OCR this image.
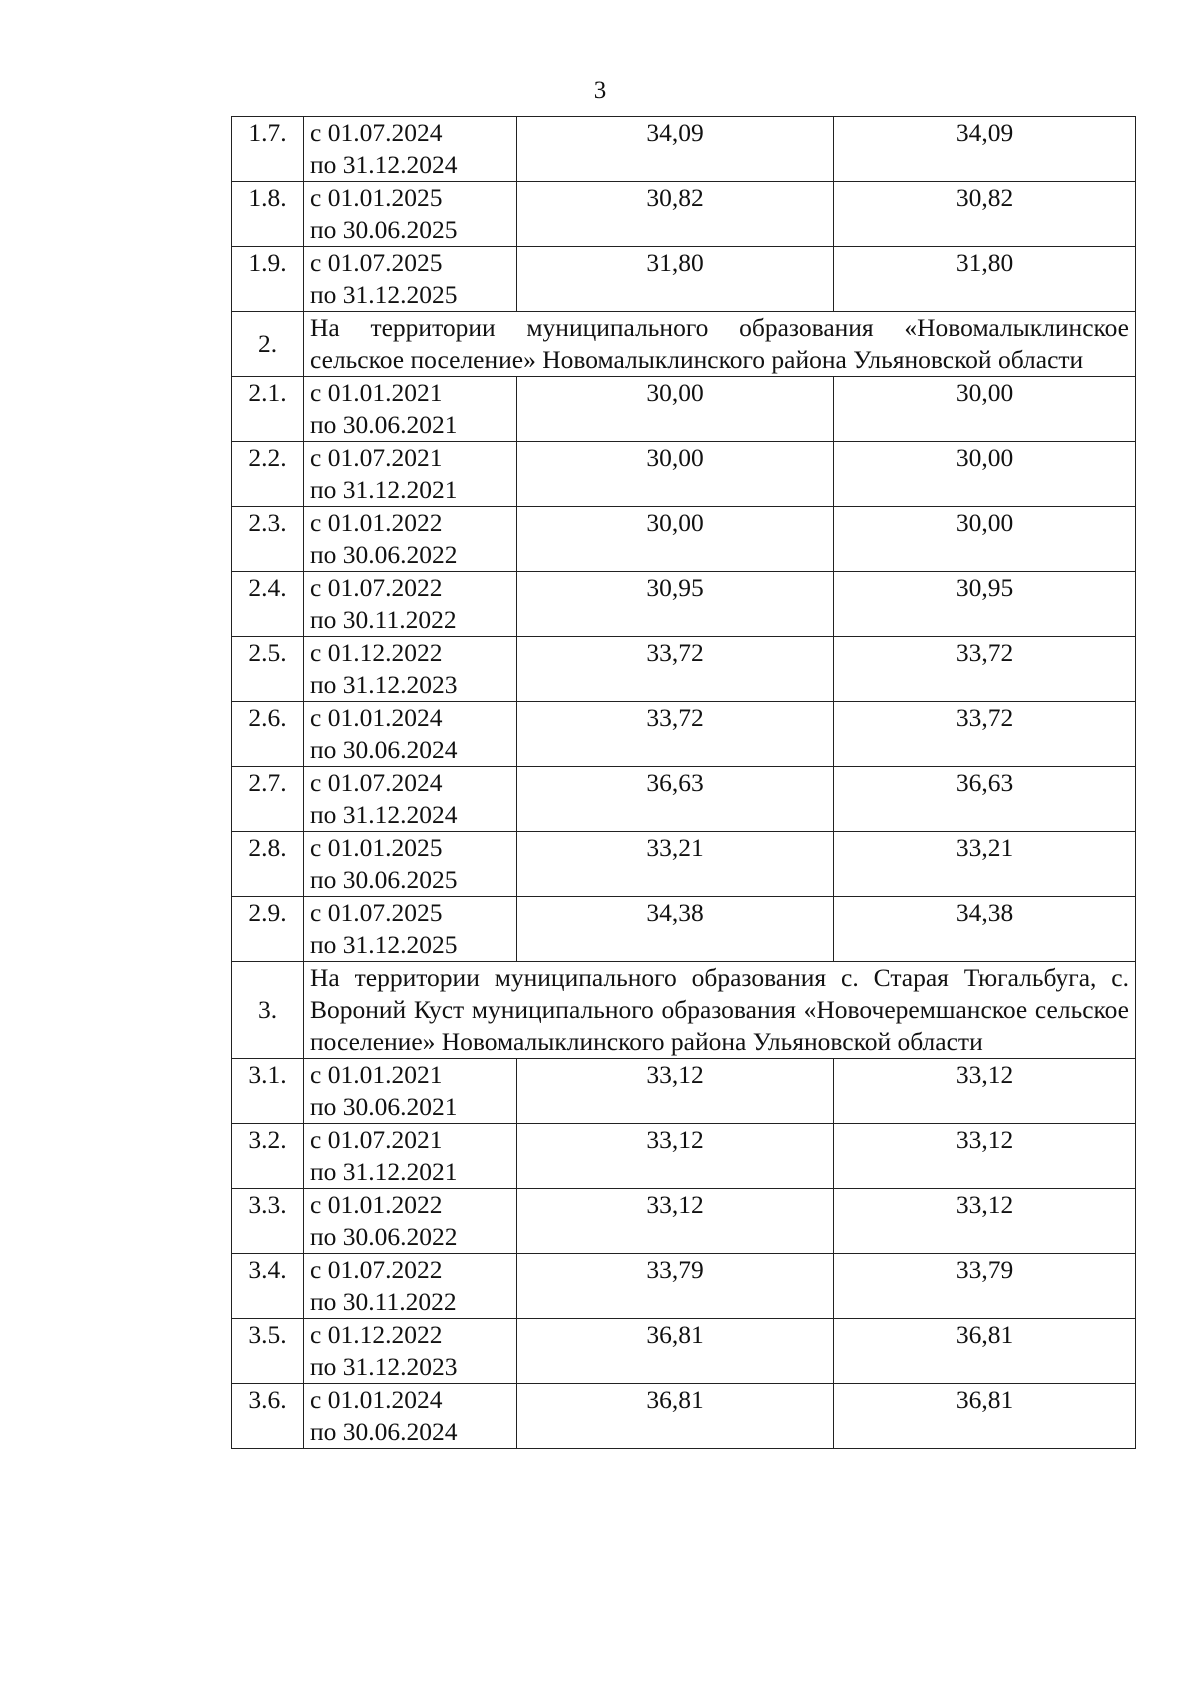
3
1.7.	с 01.07.2024
по 31.12.2024	34,09	34,09
1.8.	с 01.01.2025
по 30.06.2025	30,82	30,82
1.9.	с 01.07.2025
по 31.12.2025	31,80	31,80
2.	На территории муниципального образования «Новомалыклинское сельское поселение» Новомалыклинского района Ульяновской области		
2.1.	с 01.01.2021
по 30.06.2021	30,00	30,00
2.2.	с 01.07.2021
по 31.12.2021	30,00	30,00
2.3.	с 01.01.2022
по 30.06.2022	30,00	30,00
2.4.	с 01.07.2022
по 30.11.2022	30,95	30,95
2.5.	с 01.12.2022
по 31.12.2023	33,72	33,72
2.6.	с 01.01.2024
по 30.06.2024	33,72	33,72
2.7.	с 01.07.2024
по 31.12.2024	36,63	36,63
2.8.	с 01.01.2025
по 30.06.2025	33,21	33,21
2.9.	с 01.07.2025
по 31.12.2025	34,38	34,38
3.	На территории муниципального образования с. Старая Тюгальбуга, с. Вороний Куст муниципального образования «Новочеремшанское сельское поселение» Новомалыклинского района Ульяновской области		
3.1.	с 01.01.2021
по 30.06.2021	33,12	33,12
3.2.	с 01.07.2021
по 31.12.2021	33,12	33,12
3.3.	с 01.01.2022
по 30.06.2022	33,12	33,12
3.4.	с 01.07.2022
по 30.11.2022	33,79	33,79
3.5.	с 01.12.2022
по 31.12.2023	36,81	36,81
3.6.	с 01.01.2024
по 30.06.2024	36,81	36,81
